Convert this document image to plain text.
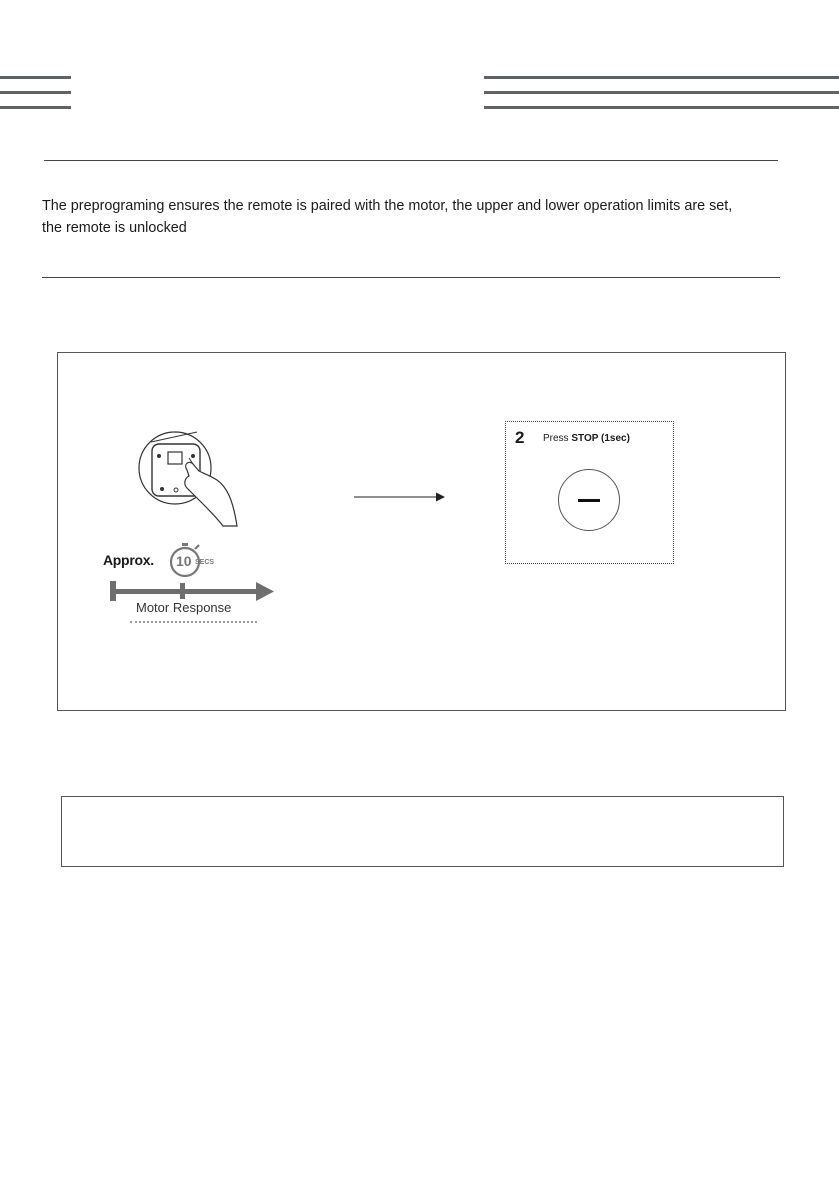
The preprograming ensures the remote is paired with the motor, the upper and lower operation limits are set,
the remote is unlocked
2 Press STOP (1sec)
Approx. 10 SECS
Motor Response
